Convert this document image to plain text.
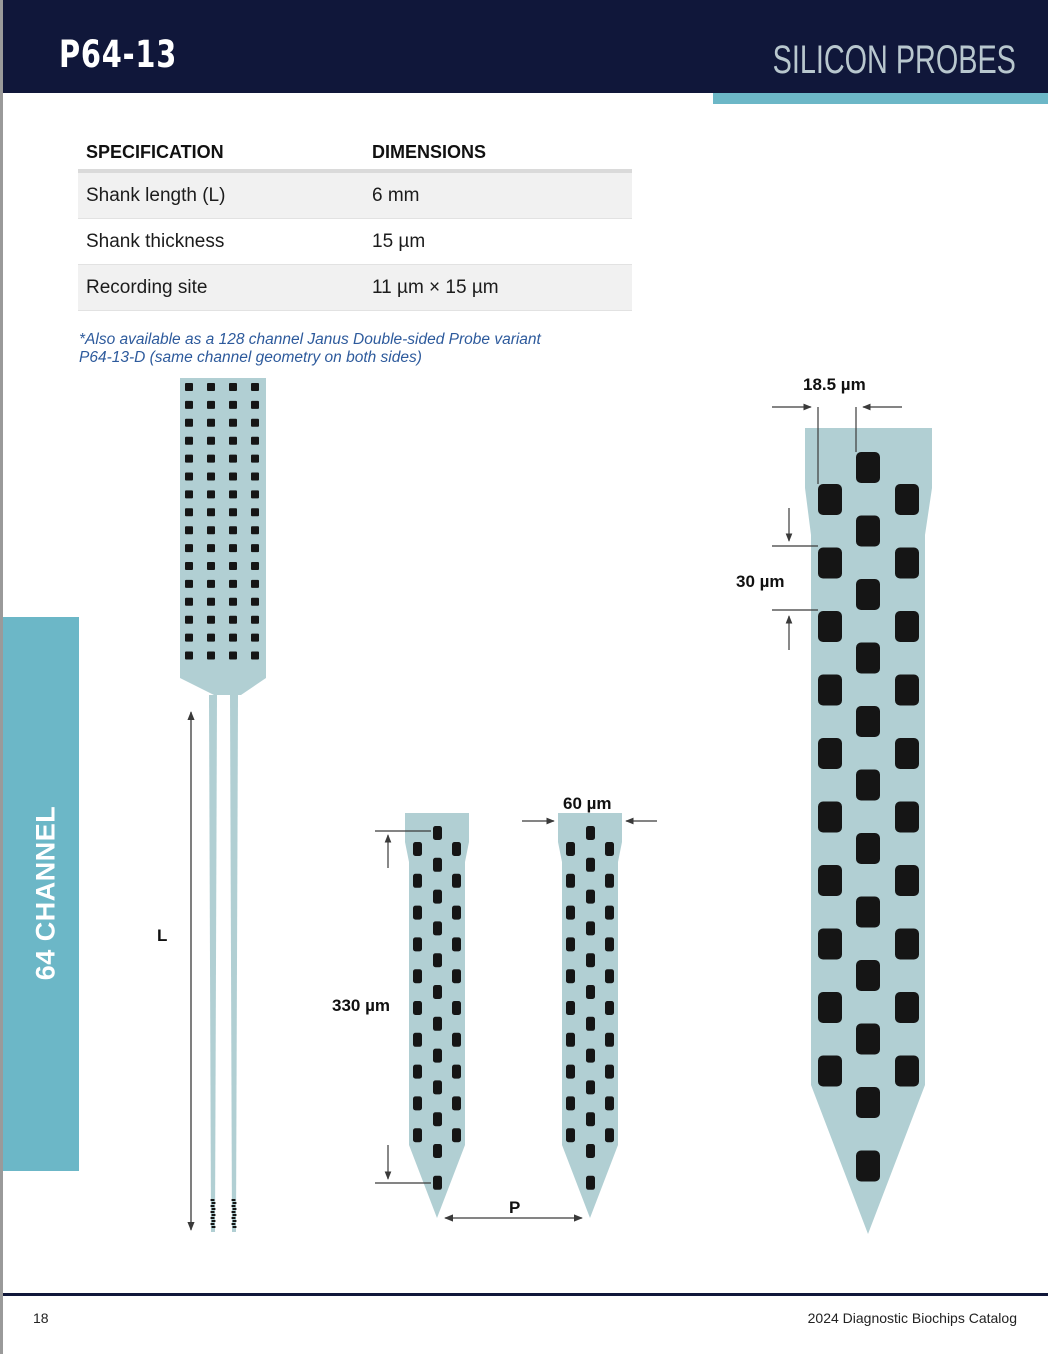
P64-13	SILICON PROBES
SPECIFICATION	DIMENSIONS
Shank length (L)	6 mm
Shank thickness	15 µm
Recording site	11 µm × 15 µm
*Also available as a 128 channel Janus Double-sided Probe variant
P64-13-D (same channel geometry on both sides)
64 CHANNEL	L
330 µm
P
60 µm
18.5 µm
30 µm
18	2024 Diagnostic Biochips Catalog
